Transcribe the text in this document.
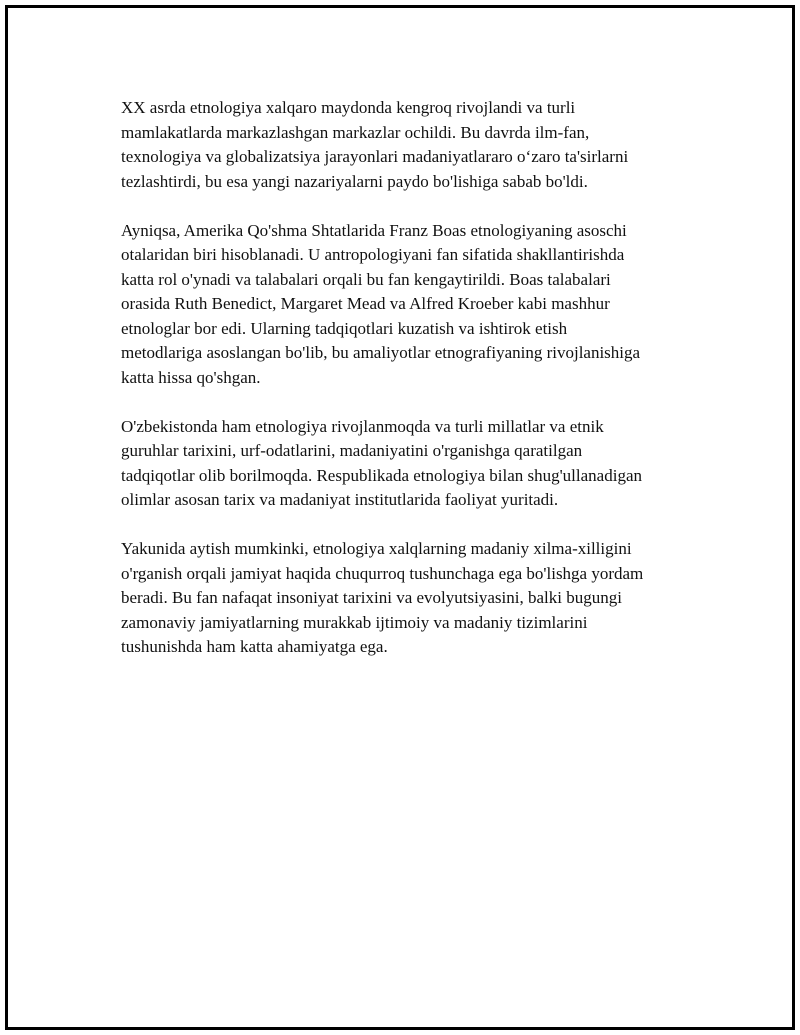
XX asrda etnologiya xalqaro maydonda kengroq rivojlandi va turli
mamlakatlarda markazlashgan markazlar ochildi. Bu davrda ilm-fan,
texnologiya va globalizatsiya jarayonlari madaniyatlararo o‘zaro ta'sirlarni
tezlashtirdi, bu esa yangi nazariyalarni paydo bo'lishiga sabab bo'ldi.

Ayniqsa, Amerika Qo'shma Shtatlarida Franz Boas etnologiyaning asoschi
otalaridan biri hisoblanadi. U antropologiyani fan sifatida shakllantirishda
katta rol o'ynadi va talabalari orqali bu fan kengaytirildi. Boas talabalari
orasida Ruth Benedict, Margaret Mead va Alfred Kroeber kabi mashhur
etnologlar bor edi. Ularning tadqiqotlari kuzatish va ishtirok etish
metodlariga asoslangan bo'lib, bu amaliyotlar etnografiyaning rivojlanishiga
katta hissa qo'shgan.

O'zbekistonda ham etnologiya rivojlanmoqda va turli millatlar va etnik
guruhlar tarixini, urf-odatlarini, madaniyatini o'rganishga qaratilgan
tadqiqotlar olib borilmoqda. Respublikada etnologiya bilan shug'ullanadigan
olimlar asosan tarix va madaniyat institutlarida faoliyat yuritadi.

Yakunida aytish mumkinki, etnologiya xalqlarning madaniy xilma-xilligini
o'rganish orqali jamiyat haqida chuqurroq tushunchaga ega bo'lishga yordam
beradi. Bu fan nafaqat insoniyat tarixini va evolyutsiyasini, balki bugungi
zamonaviy jamiyatlarning murakkab ijtimoiy va madaniy tizimlarini
tushunishda ham katta ahamiyatga ega.
